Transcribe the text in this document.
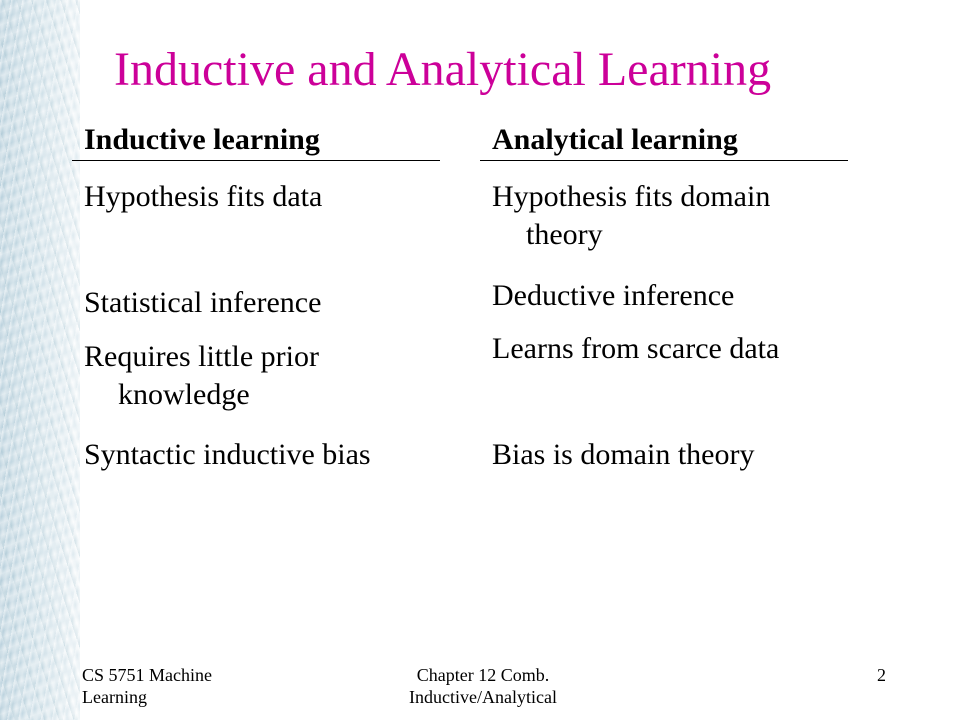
Inductive and Analytical Learning
Inductive learning
Hypothesis fits data
Statistical inference
Requires little prior
knowledge
Syntactic inductive bias
Analytical learning
Hypothesis fits domain
theory
Deductive inference
Learns from scarce data
Bias is domain theory
CS 5751 Machine Learning
Chapter 12 Comb. Inductive/Analytical
2
